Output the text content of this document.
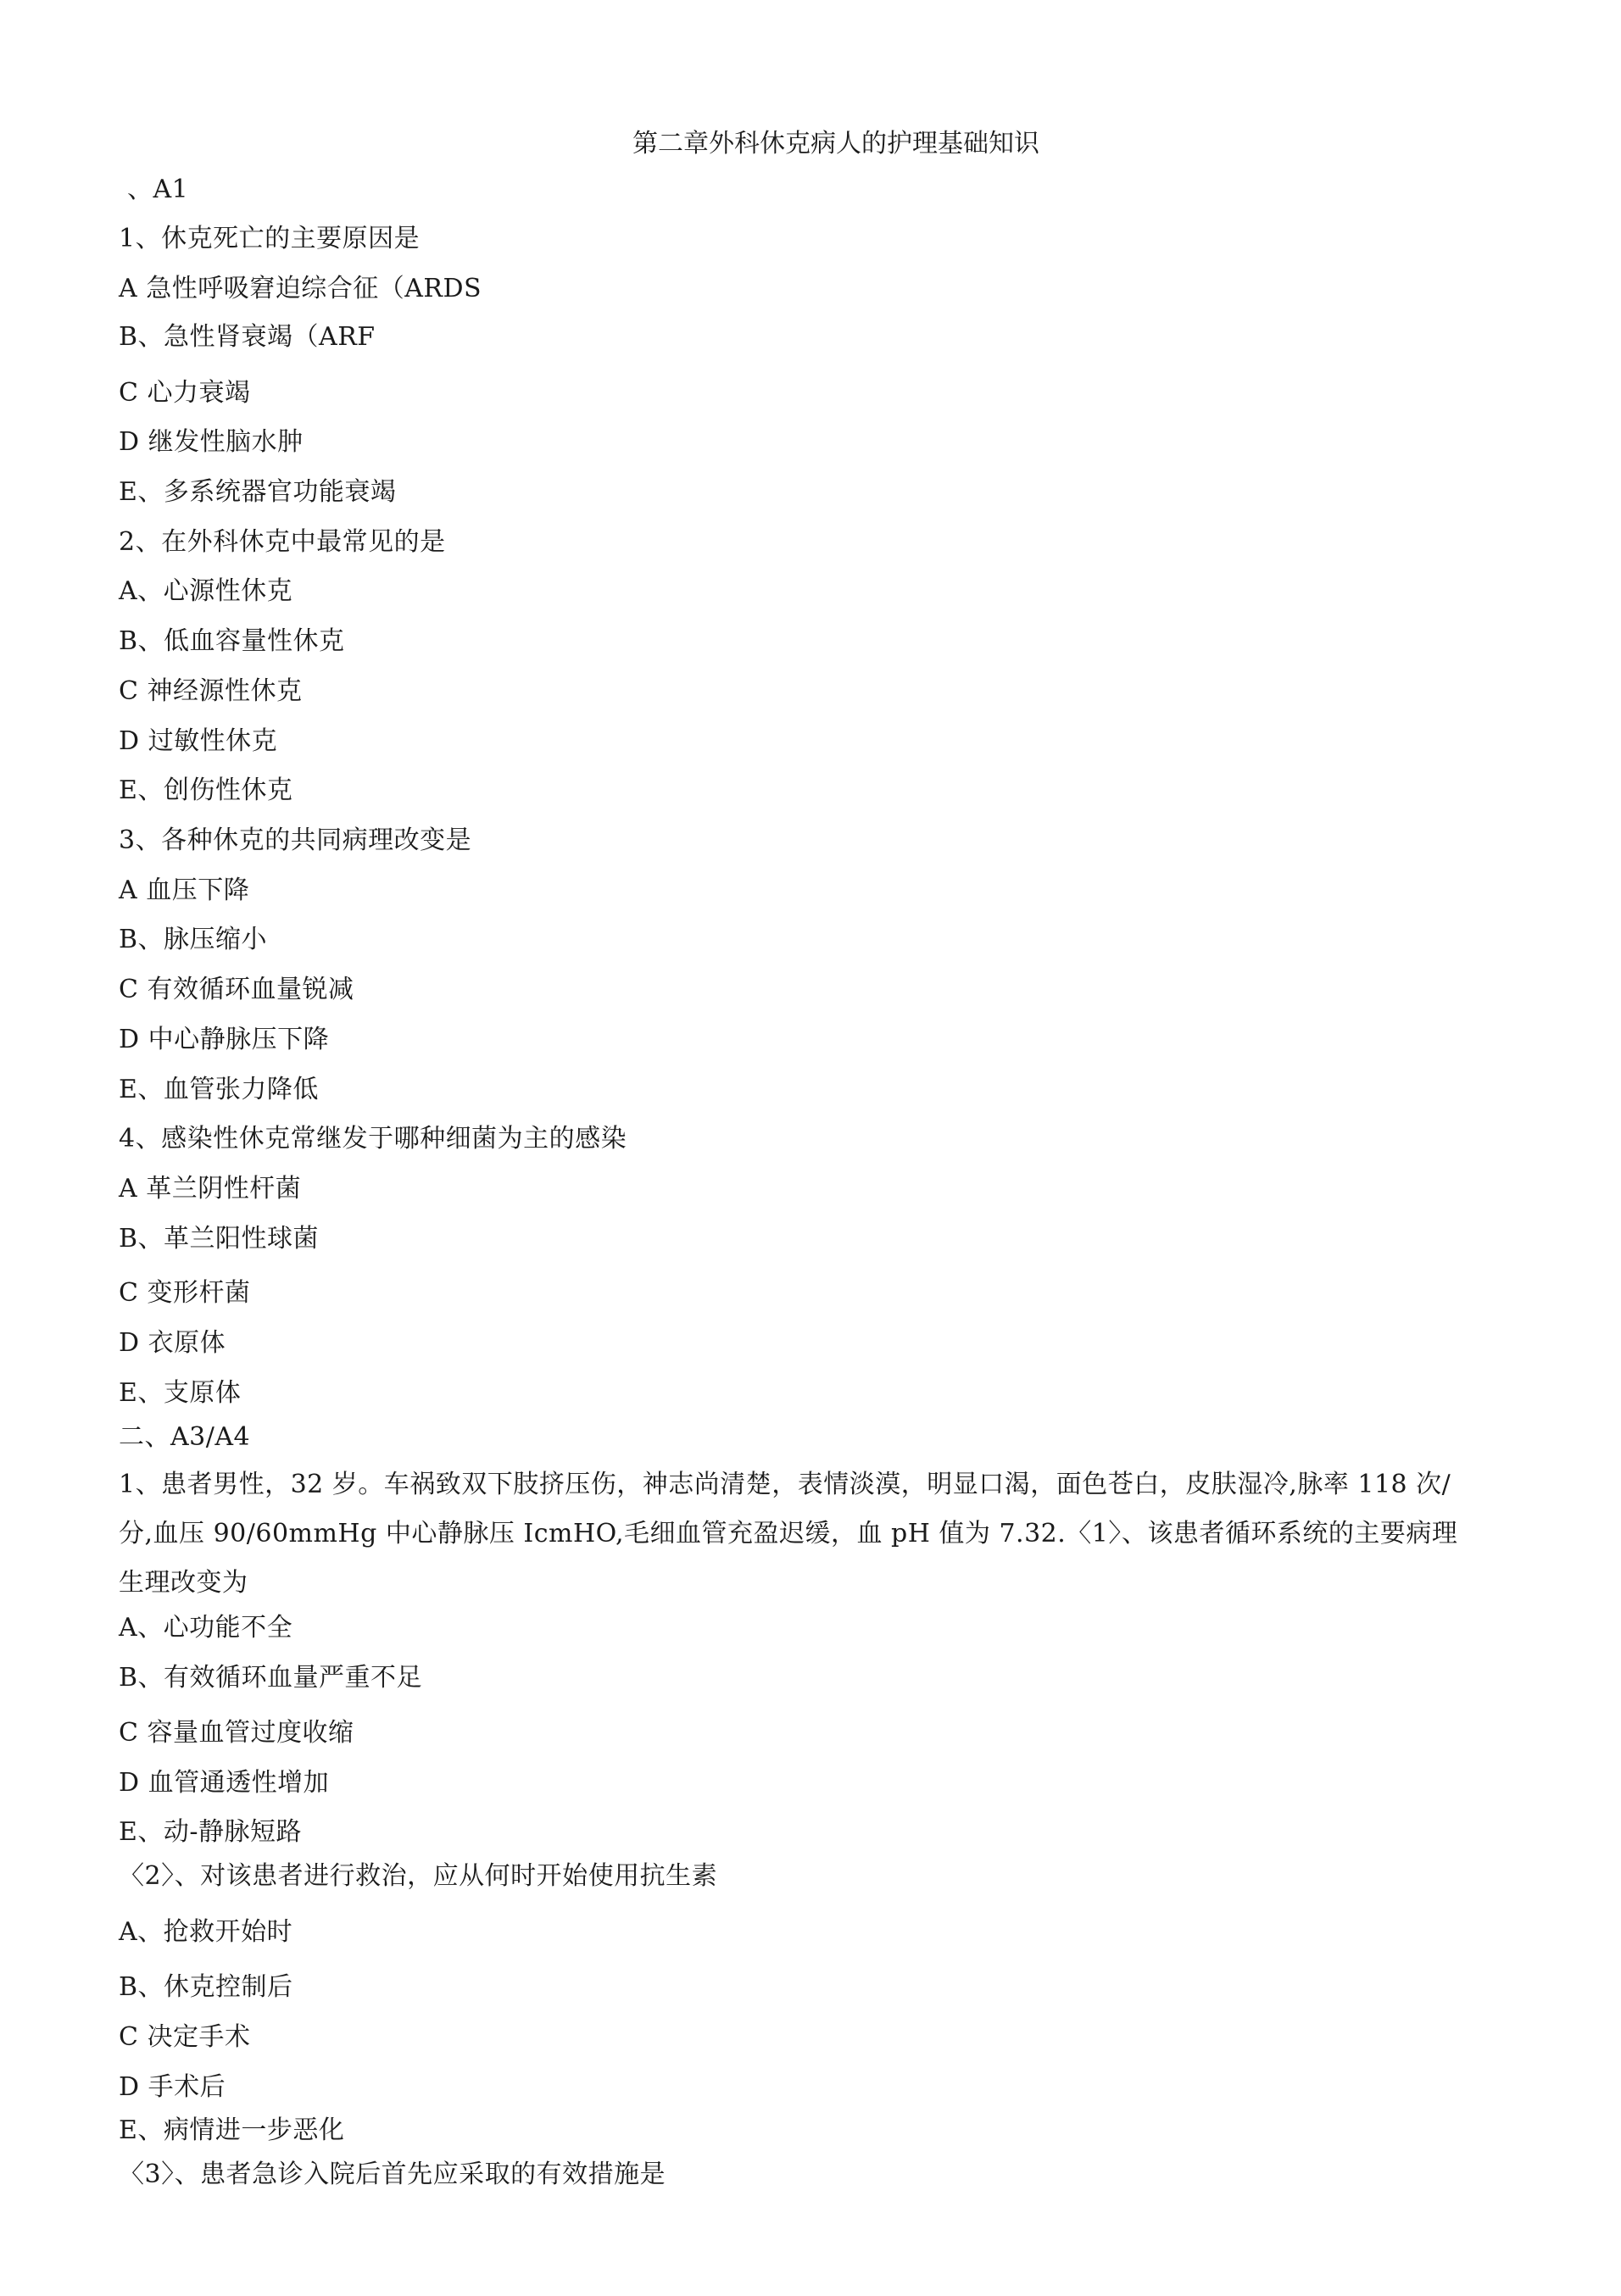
第二章外科休克病人的护理基础知识
、A1
1、休克死亡的主要原因是
A 急性呼吸窘迫综合征（ARDS
B、急性肾衰竭（ARF
C 心力衰竭
D 继发性脑水肿
E、多系统器官功能衰竭
2、在外科休克中最常见的是
A、心源性休克
B、低血容量性休克
C 神经源性休克
D 过敏性休克
E、创伤性休克
3、各种休克的共同病理改变是
A 血压下降
B、脉压缩小
C 有效循环血量锐减
D 中心静脉压下降
E、血管张力降低
4、感染性休克常继发于哪种细菌为主的感染
A 革兰阴性杆菌
B、革兰阳性球菌
C 变形杆菌
D 衣原体
E、支原体
二、A3/A4
1、患者男性，32 岁。车祸致双下肢挤压伤，神志尚清楚，表情淡漠，明显口渴，面色苍白，皮肤湿冷,脉率 118 次/分,血压 90/60mmHg 中心静脉压 IcmHO,毛细血管充盈迟缓，血 pH 值为 7.32.〈1〉、该患者循环系统的主要病理生理改变为
A、心功能不全
B、有效循环血量严重不足
C 容量血管过度收缩
D 血管通透性增加
E、动-静脉短路
〈2〉、对该患者进行救治，应从何时开始使用抗生素
A、抢救开始时
B、休克控制后
C 决定手术
D 手术后
E、病情进一步恶化
〈3〉、患者急诊入院后首先应采取的有效措施是
